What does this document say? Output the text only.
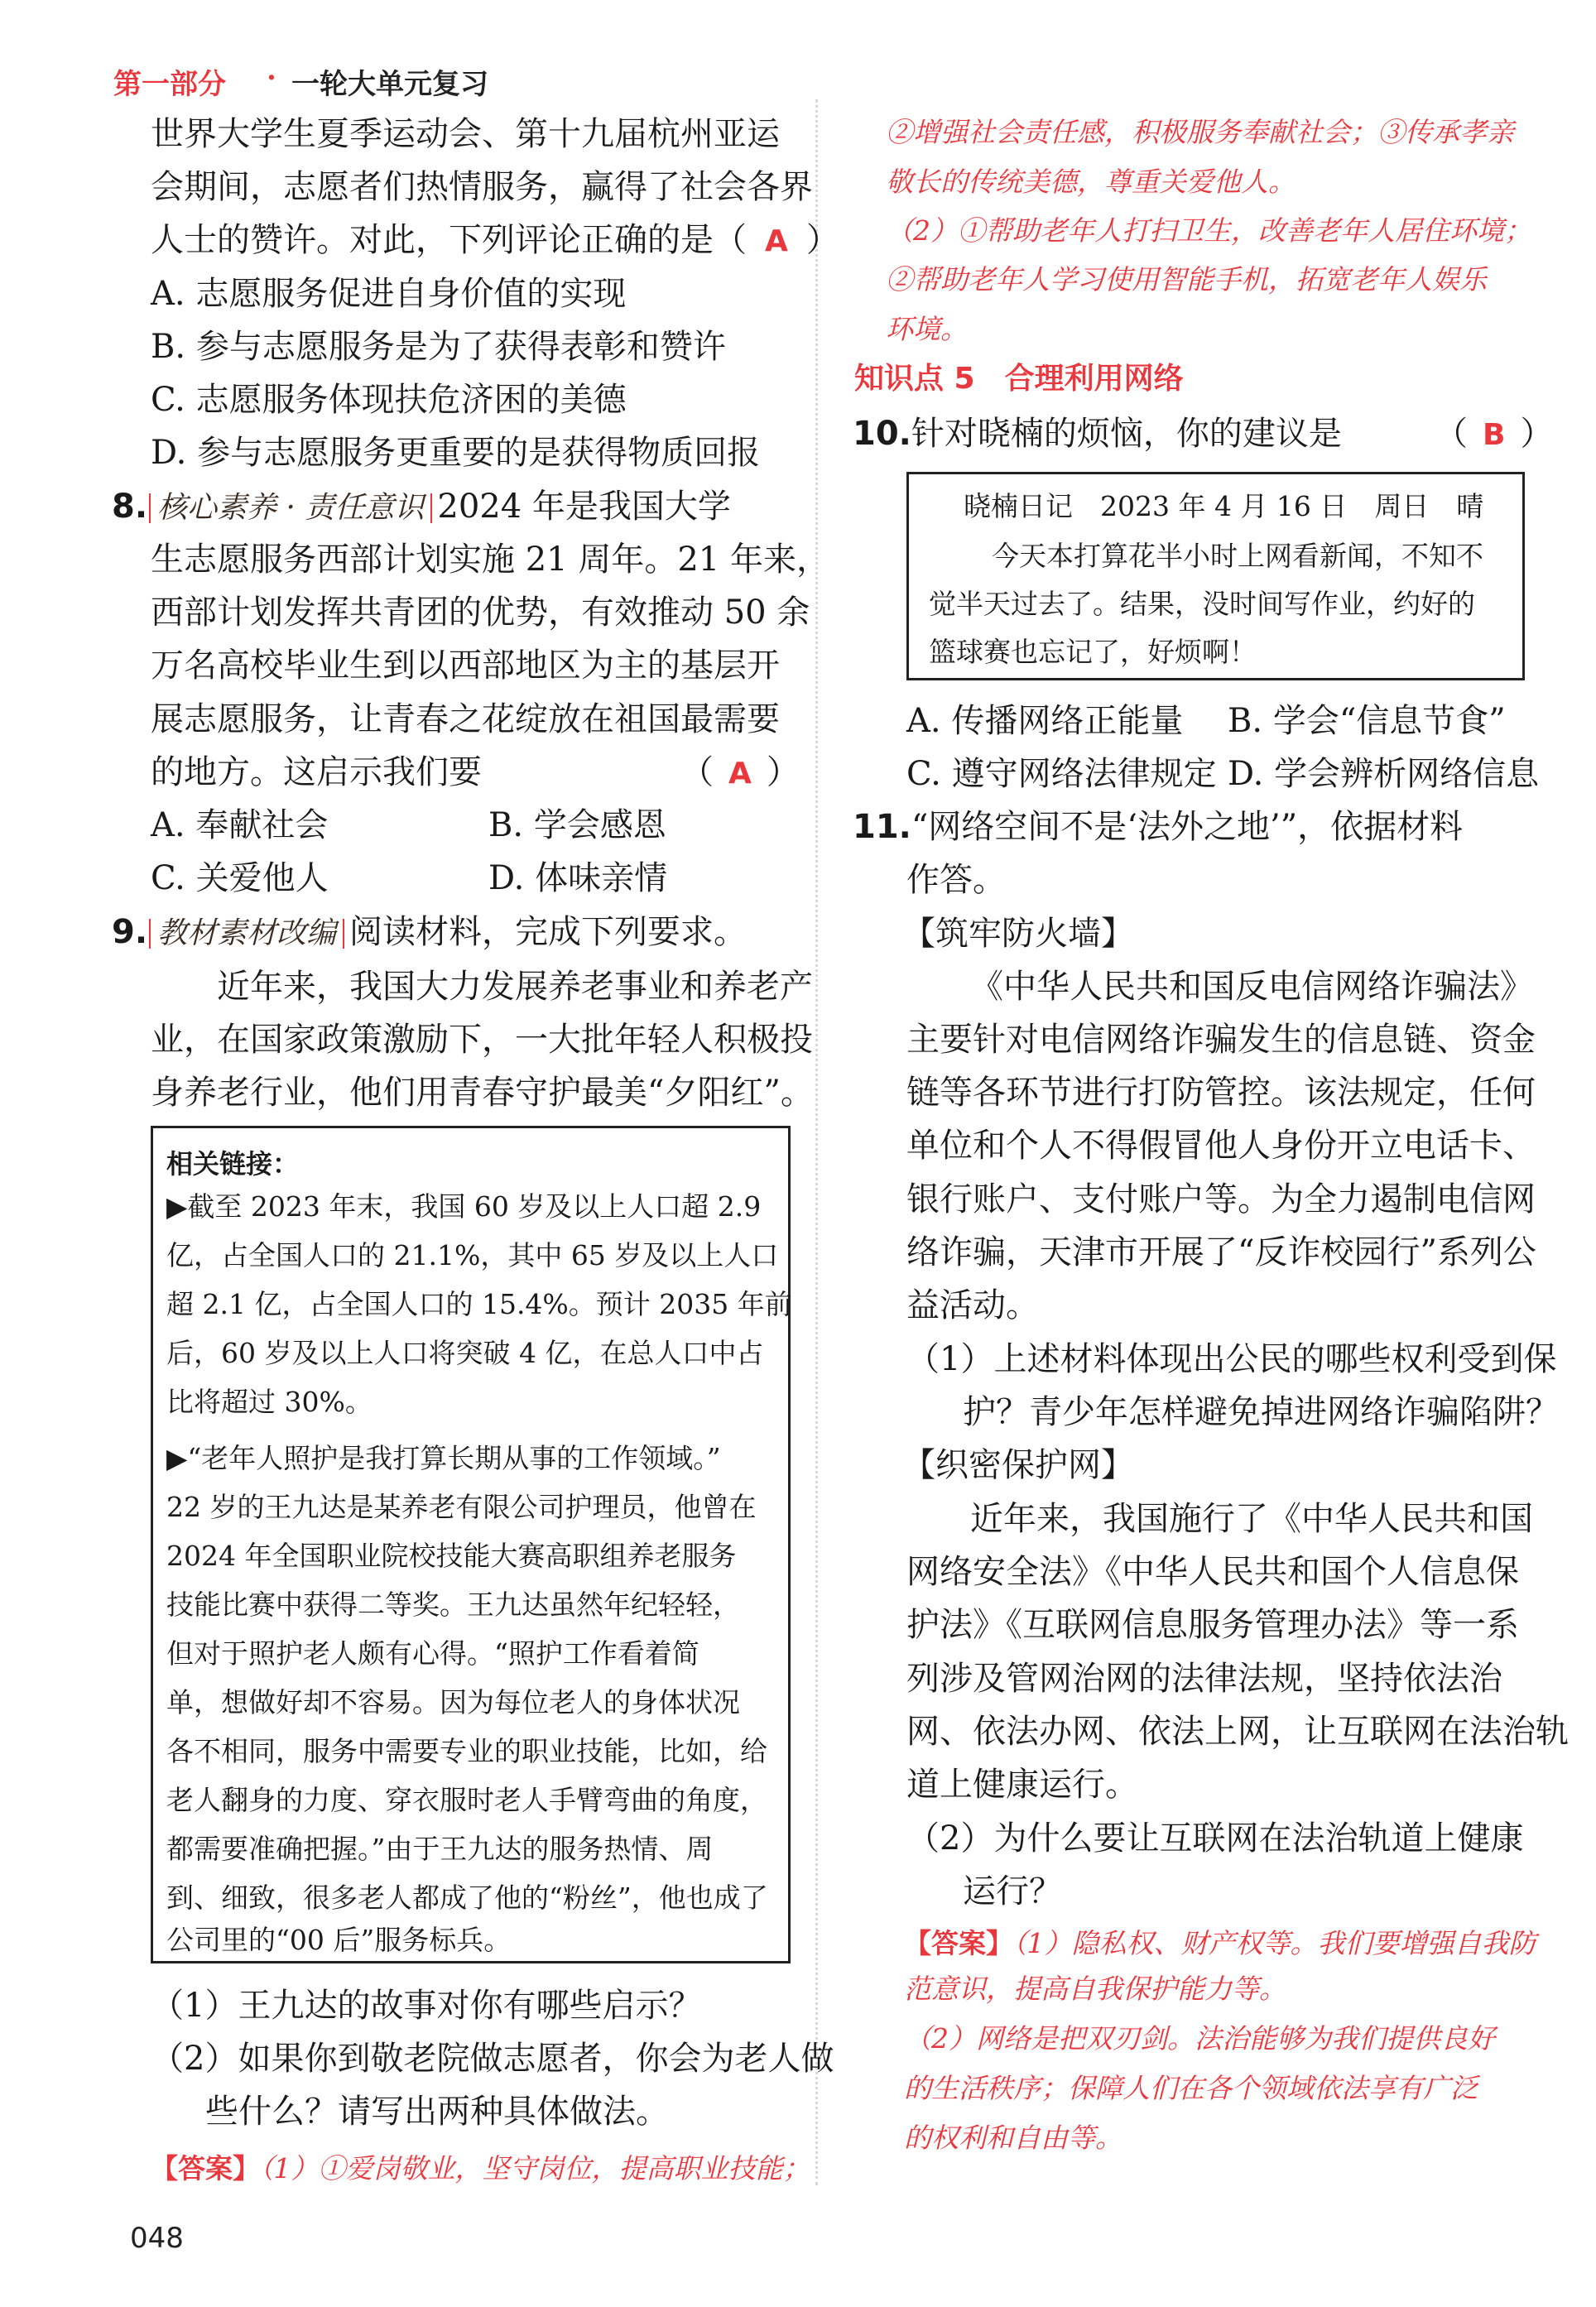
第一部分 · 一轮大单元复习
世界大学生夏季运动会、第十九届杭州亚运
会期间，志愿者们热情服务，赢得了社会各界
人士的赞许。对此，下列评论正确的是（ A ）
A. 志愿服务促进自身价值的实现
B. 参与志愿服务是为了获得表彰和赞许
C. 志愿服务体现扶危济困的美德
D. 参与志愿服务更重要的是获得物质回报
8. 核心素养 · 责任意识 2024 年是我国大学
生志愿服务西部计划实施 21 周年。21 年来，
西部计划发挥共青团的优势，有效推动 50 余
万名高校毕业生到以西部地区为主的基层开
展志愿服务，让青春之花绽放在祖国最需要
的地方。这启示我们要	（ A ）
A. 奉献社会	B. 学会感恩
C. 关爱他人	D. 体味亲情
9. 教材素材改编 阅读材料，完成下列要求。
近年来，我国大力发展养老事业和养老产
业，在国家政策激励下，一大批年轻人积极投
身养老行业，他们用青春守护最美“夕阳红”。
相关链接：
▶截至 2023 年末，我国 60 岁及以上人口超 2.9
亿，占全国人口的 21.1%，其中 65 岁及以上人口
超 2.1 亿，占全国人口的 15.4%。预计 2035 年前
后，60 岁及以上人口将突破 4 亿，在总人口中占
比将超过 30%。
▶“老年人照护是我打算长期从事的工作领域。”
22 岁的王九达是某养老有限公司护理员，他曾在
2024 年全国职业院校技能大赛高职组养老服务
技能比赛中获得二等奖。王九达虽然年纪轻轻，
但对于照护老人颇有心得。“照护工作看着简
单，想做好却不容易。因为每位老人的身体状况
各不相同，服务中需要专业的职业技能，比如，给
老人翻身的力度、穿衣服时老人手臂弯曲的角度，
都需要准确把握。”由于王九达的服务热情、周
到、细致，很多老人都成了他的“粉丝”，他也成了
公司里的“00 后”服务标兵。
（1）王九达的故事对你有哪些启示？
（2）如果你到敬老院做志愿者，你会为老人做
些什么？请写出两种具体做法。
【答案】（1）①爱岗敬业，坚守岗位，提高职业技能；
②增强社会责任感，积极服务奉献社会；③传承孝亲
敬长的传统美德，尊重关爱他人。
（2）①帮助老年人打扫卫生，改善老年人居住环境；
②帮助老年人学习使用智能手机，拓宽老年人娱乐
环境。
知识点 5　合理利用网络
10.针对晓楠的烦恼，你的建议是	（ B ）
晓楠日记　2023 年 4 月 16 日　周日　晴
今天本打算花半小时上网看新闻，不知不
觉半天过去了。结果，没时间写作业，约好的
篮球赛也忘记了，好烦啊！
A. 传播网络正能量 B. 学会“信息节食”
C. 遵守网络法律规定 D. 学会辨析网络信息
11.“网络空间不是‘法外之地’”，依据材料
作答。
【筑牢防火墙】
《中华人民共和国反电信网络诈骗法》
主要针对电信网络诈骗发生的信息链、资金
链等各环节进行打防管控。该法规定，任何
单位和个人不得假冒他人身份开立电话卡、
银行账户、支付账户等。为全力遏制电信网
络诈骗，天津市开展了“反诈校园行”系列公
益活动。
（1）上述材料体现出公民的哪些权利受到保
护？青少年怎样避免掉进网络诈骗陷阱？
【织密保护网】
近年来，我国施行了《中华人民共和国
网络安全法》《中华人民共和国个人信息保
护法》《互联网信息服务管理办法》等一系
列涉及管网治网的法律法规，坚持依法治
网、依法办网、依法上网，让互联网在法治轨
道上健康运行。
（2）为什么要让互联网在法治轨道上健康
运行？
【答案】（1）隐私权、财产权等。我们要增强自我防
范意识，提高自我保护能力等。
（2）网络是把双刃剑。法治能够为我们提供良好
的生活秩序；保障人们在各个领域依法享有广泛
的权利和自由等。
048
